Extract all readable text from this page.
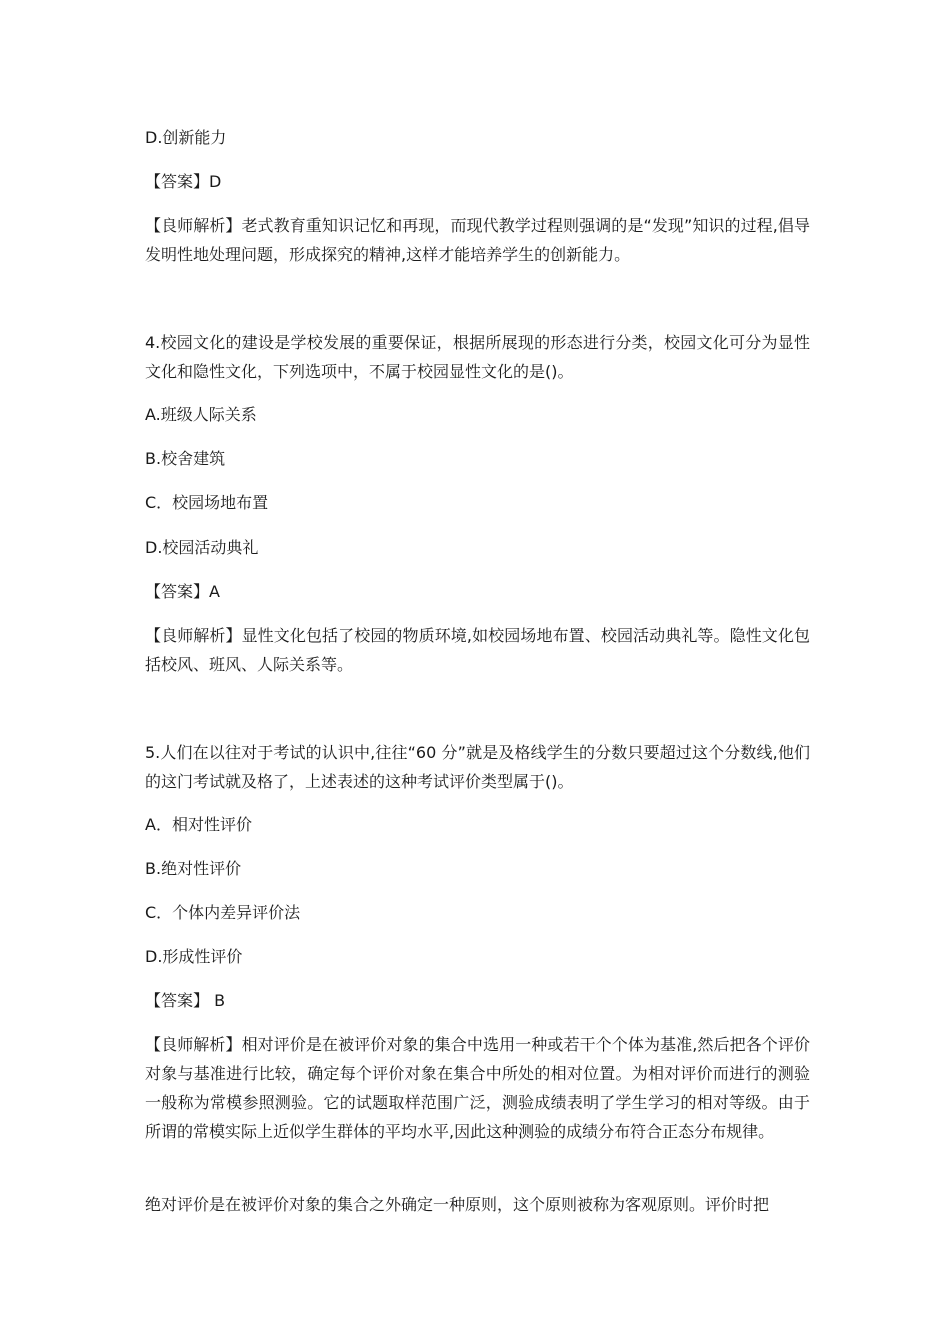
D.创新能力
【答案】D
【良师解析】老式教育重知识记忆和再现，而现代教学过程则强调的是“发现”知识的过程,倡导发明性地处理问题，形成探究的精神,这样才能培养学生的创新能力。
4.校园文化的建设是学校发展的重要保证，根据所展现的形态进行分类，校园文化可分为显性文化和隐性文化，下列选项中，不属于校园显性文化的是()。
A.班级人际关系
B.校舍建筑
C．校园场地布置
D.校园活动典礼
【答案】A
【良师解析】显性文化包括了校园的物质环境,如校园场地布置、校园活动典礼等。隐性文化包括校风、班风、人际关系等。
5.人们在以往对于考试的认识中,往往“60 分”就是及格线学生的分数只要超过这个分数线,他们的这门考试就及格了，上述表述的这种考试评价类型属于()。
A．相对性评价
B.绝对性评价
C．个体内差异评价法
D.形成性评价
【答案】 B
【良师解析】相对评价是在被评价对象的集合中选用一种或若干个个体为基准,然后把各个评价对象与基准进行比较，确定每个评价对象在集合中所处的相对位置。为相对评价而进行的测验一般称为常模参照测验。它的试题取样范围广泛，测验成绩表明了学生学习的相对等级。由于所谓的常模实际上近似学生群体的平均水平,因此这种测验的成绩分布符合正态分布规律。
绝对评价是在被评价对象的集合之外确定一种原则，这个原则被称为客观原则。评价时把
